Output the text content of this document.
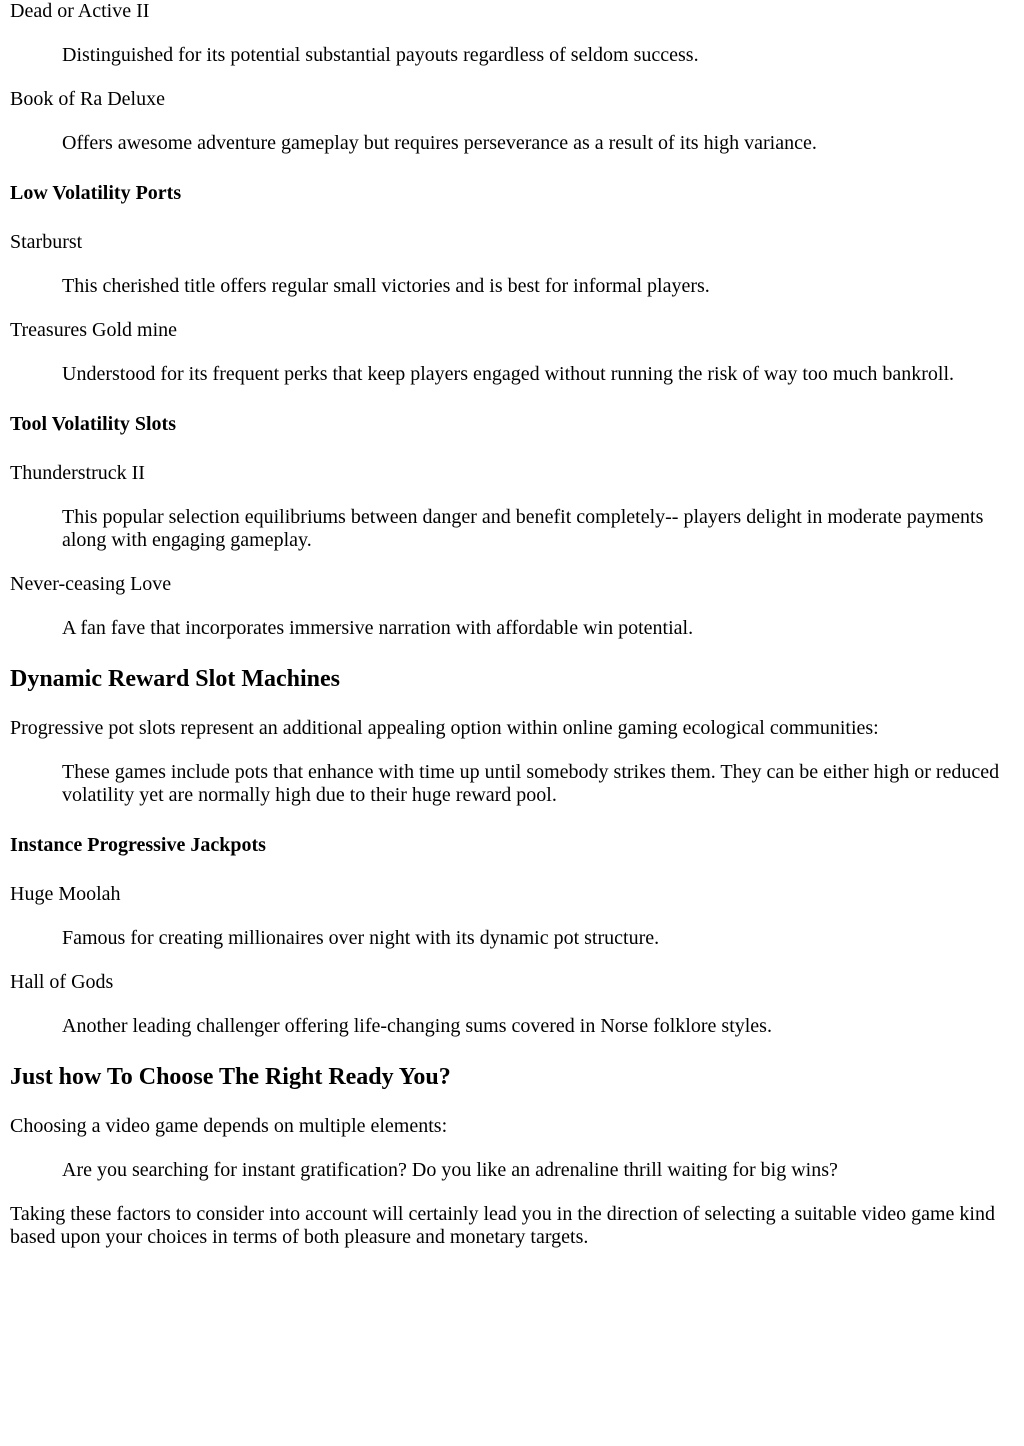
Dead or Active II
Distinguished for its potential substantial payouts regardless of seldom success.
Book of Ra Deluxe
Offers awesome adventure gameplay but requires perseverance as a result of its high variance.
Low Volatility Ports
Starburst
This cherished title offers regular small victories and is best for informal players.
Treasures Gold mine
Understood for its frequent perks that keep players engaged without running the risk of way too much bankroll.
Tool Volatility Slots
Thunderstruck II
This popular selection equilibriums between danger and benefit completely-- players delight in moderate payments along with engaging gameplay.
Never-ceasing Love
A fan fave that incorporates immersive narration with affordable win potential.
Dynamic Reward Slot Machines
Progressive pot slots represent an additional appealing option within online gaming ecological communities:
These games include pots that enhance with time up until somebody strikes them. They can be either high or reduced volatility yet are normally high due to their huge reward pool.
Instance Progressive Jackpots
Huge Moolah
Famous for creating millionaires over night with its dynamic pot structure.
Hall of Gods
Another leading challenger offering life-changing sums covered in Norse folklore styles.
Just how To Choose The Right Ready You?
Choosing a video game depends on multiple elements:
Are you searching for instant gratification? Do you like an adrenaline thrill waiting for big wins?
Taking these factors to consider into account will certainly lead you in the direction of selecting a suitable video game kind based upon your choices in terms of both pleasure and monetary targets.
